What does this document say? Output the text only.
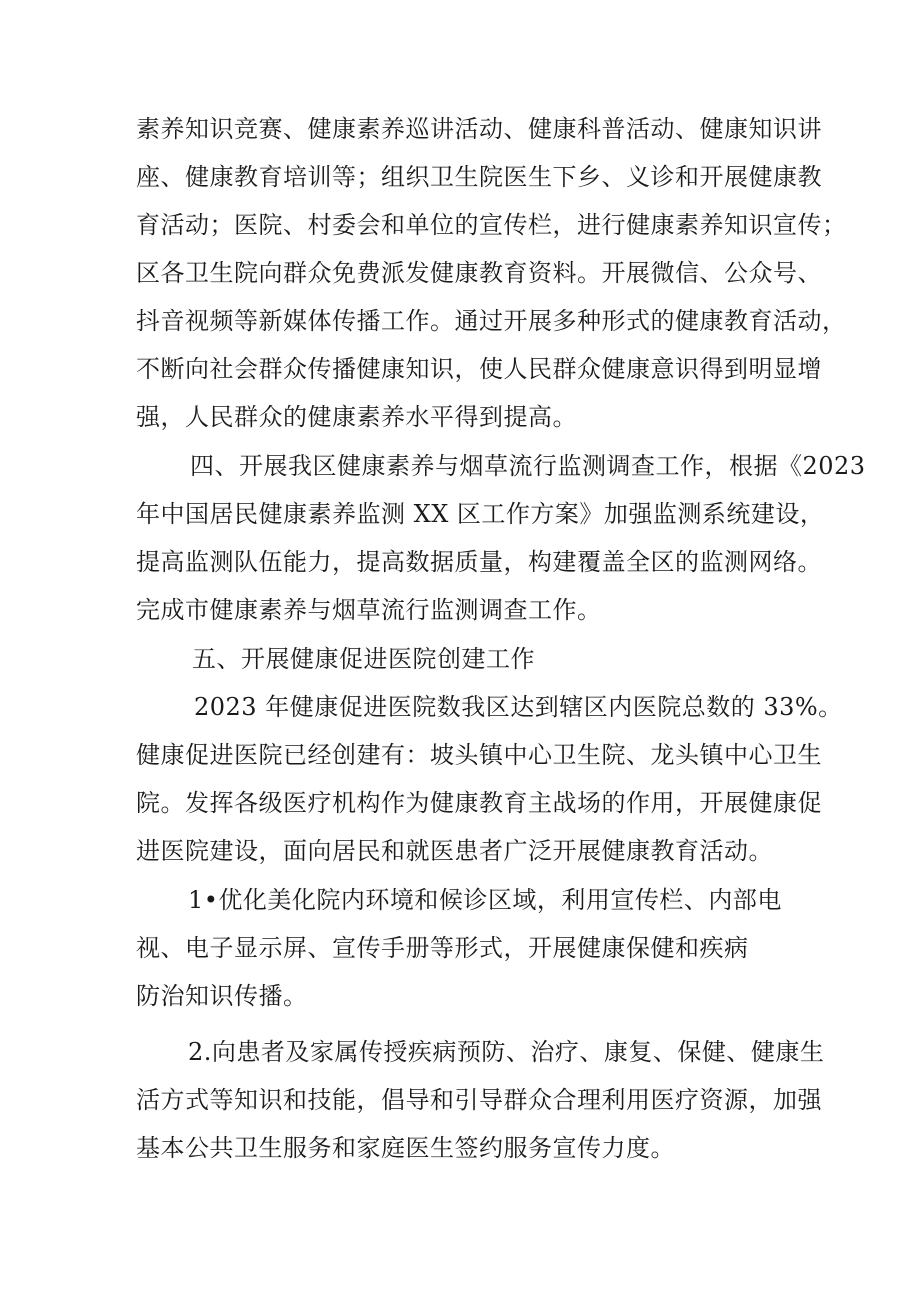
素养知识竞赛、健康素养巡讲活动、健康科普活动、健康知识讲
座、健康教育培训等；组织卫生院医生下乡、义诊和开展健康教
育活动；医院、村委会和单位的宣传栏，进行健康素养知识宣传；
区各卫生院向群众免费派发健康教育资料。开展微信、公众号、
抖音视频等新媒体传播工作。通过开展多种形式的健康教育活动，
不断向社会群众传播健康知识，使人民群众健康意识得到明显增
强，人民群众的健康素养水平得到提高。
四、开展我区健康素养与烟草流行监测调查工作，根据《2023
年中国居民健康素养监测 XX 区工作方案》加强监测系统建设，
提高监测队伍能力，提高数据质量，构建覆盖全区的监测网络。
完成市健康素养与烟草流行监测调查工作。
五、开展健康促进医院创建工作
2023 年健康促进医院数我区达到辖区内医院总数的 33%。
健康促进医院已经创建有：坡头镇中心卫生院、龙头镇中心卫生
院。发挥各级医疗机构作为健康教育主战场的作用，开展健康促
进医院建设，面向居民和就医患者广泛开展健康教育活动。
1•优化美化院内环境和候诊区域，利用宣传栏、内部电
视、电子显示屏、宣传手册等形式，开展健康保健和疾病
防治知识传播。
2.向患者及家属传授疾病预防、治疗、康复、保健、健康生
活方式等知识和技能，倡导和引导群众合理利用医疗资源，加强
基本公共卫生服务和家庭医生签约服务宣传力度。
